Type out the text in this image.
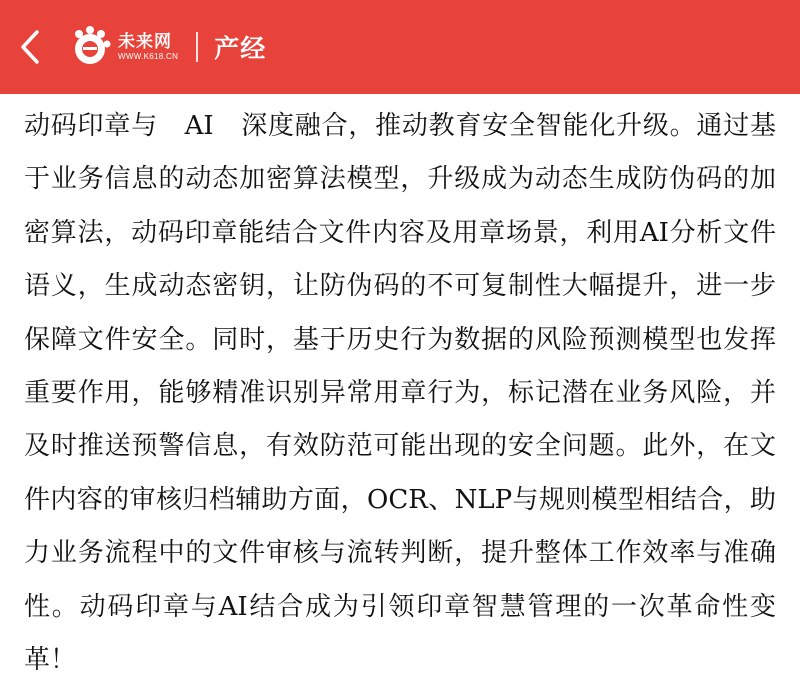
未来网
WWW.K618.CN 产经
动码印章与　AI　深度融合，推动教育安全智能化升级。通过基于业务信息的动态加密算法模型，升级成为动态生成防伪码的加密算法，动码印章能结合文件内容及用章场景，利用AI分析文件语义，生成动态密钥，让防伪码的不可复制性大幅提升，进一步保障文件安全。同时，基于历史行为数据的风险预测模型也发挥重要作用，能够精准识别异常用章行为，标记潜在业务风险，并及时推送预警信息，有效防范可能出现的安全问题。此外，在文件内容的审核归档辅助方面，OCR、NLP与规则模型相结合，助力业务流程中的文件审核与流转判断，提升整体工作效率与准确性。动码印章与AI结合成为引领印章智慧管理的一次革命性变革！
